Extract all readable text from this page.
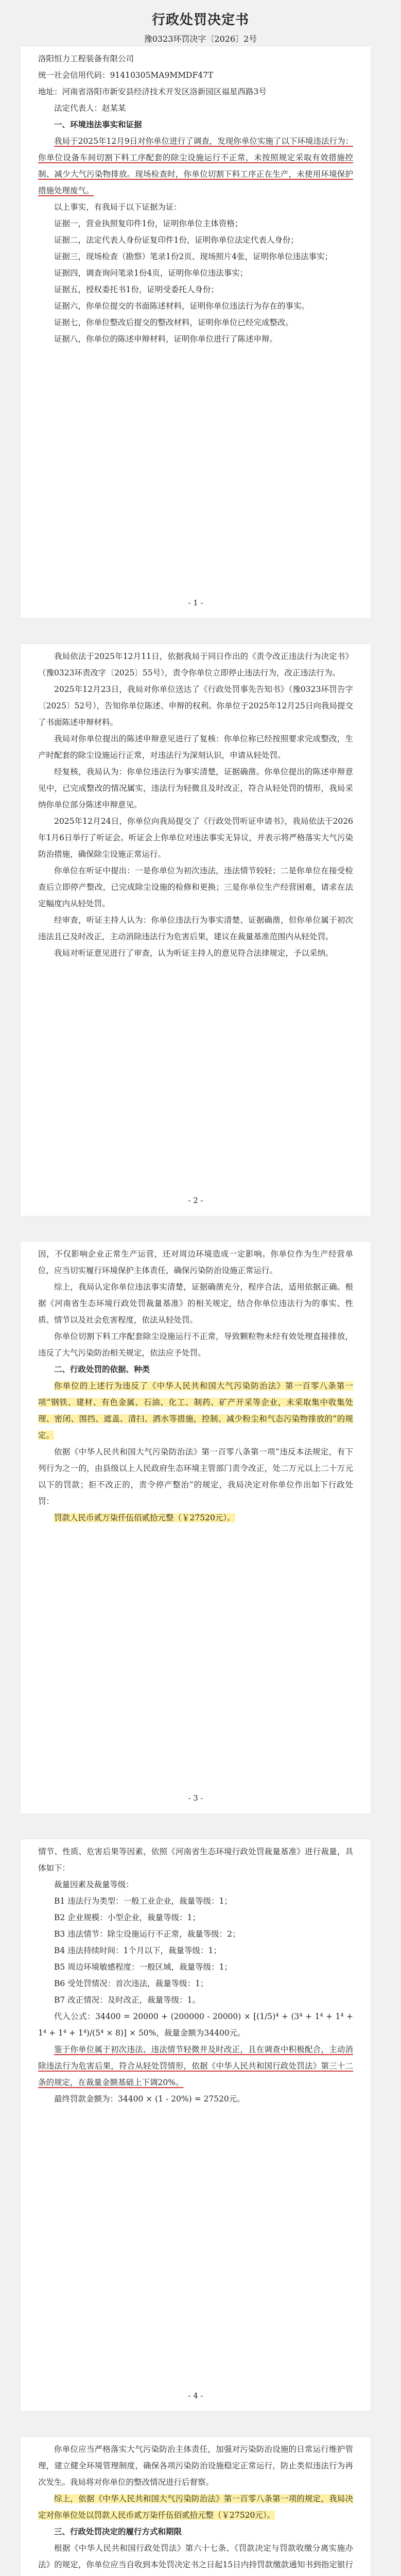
行政处罚决定书
豫0323环罚决字〔2026〕2号

洛阳恒力工程装备有限公司

统一社会信用代码：91410305MA9MMDF47T

地址：河南省洛阳市新安县经济技术开发区洛新园区福星西路3号

法定代表人：赵某某

一、环境违法事实和证据

我局于2025年12月9日对你单位进行了调查，发现你单位实施了以下环境违法行为：你单位设备车间切割下料工序配套的除尘设施运行不正常，未按照规定采取有效措施控制、减少大气污染物排放。现场检查时，你单位切割下料工序正在生产，未使用环境保护措施处理废气。

以上事实，有我局于以下证据为证：

证据一，营业执照复印件1份，证明你单位主体资格；

证据二，法定代表人身份证复印件1份，证明你单位法定代表人身份；

证据三，现场检查（勘察）笔录1份2页、现场照片4张，证明你单位违法事实；

证据四，调查询问笔录1份4页，证明你单位违法事实；

证据五，授权委托书1份，证明受委托人身份；

证据六，你单位提交的书面陈述材料，证明你单位违法行为存在的事实。

证据七，你单位整改后提交的整改材料，证明你单位已经完成整改。

证据八，你单位的陈述申辩材料，证明你单位进行了陈述申辩。

- 1 -

我局依法于2025年12月11日，依据我局于同日作出的《责令改正违法行为决定书》（豫0323环责改字〔2025〕55号），责令你单位立即停止违法行为，改正违法行为。

2025年12月23日，我局对你单位送达了《行政处罚事先告知书》（豫0323环罚告字〔2025〕52号），告知你单位陈述、申辩的权利。你单位于2025年12月25日向我局提交了书面陈述申辩材料。

我局对你单位提出的陈述申辩意见进行了复核：你单位称已经按照要求完成整改，生产时配套的除尘设施运行正常，对违法行为深刻认识，申请从轻处罚。

经复核，我局认为：你单位违法行为事实清楚，证据确凿。你单位提出的陈述申辩意见中，已完成整改的情况属实，违法行为轻微且及时改正，符合从轻处罚的情形，我局采纳你单位部分陈述申辩意见。

2025年12月24日，你单位向我局提交了《行政处罚听证申请书》，我局依法于2026年1月6日举行了听证会。听证会上你单位对违法事实无异议，并表示将严格落实大气污染防治措施，确保除尘设施正常运行。

你单位在听证中提出：一是你单位为初次违法，违法情节较轻；二是你单位在接受检查后立即停产整改，已完成除尘设施的检修和更换；三是你单位生产经营困难，请求在法定幅度内从轻处罚。

经审查，听证主持人认为：你单位违法行为事实清楚、证据确凿，但你单位属于初次违法且已及时改正，主动消除违法行为危害后果，建议在裁量基准范围内从轻处罚。

我局对听证意见进行了审查，认为听证主持人的意见符合法律规定，予以采纳。

- 2 -

因，不仅影响企业正常生产运营，还对周边环境造成一定影响。你单位作为生产经营单位，应当切实履行环境保护主体责任，确保污染防治设施正常运行。

综上，我局认定你单位违法事实清楚，证据确凿充分，程序合法，适用依据正确。根据《河南省生态环境行政处罚裁量基准》的相关规定，结合你单位违法行为的事实、性质、情节以及社会危害程度，依法从轻处罚。

你单位切割下料工序配套除尘设施运行不正常，导致颗粒物未经有效处理直接排放，违反了大气污染防治相关规定，依法应予处罚。

二、行政处罚的依据、种类

你单位的上述行为违反了《中华人民共和国大气污染防治法》第一百零八条第一项“钢铁、建材、有色金属、石油、化工、制药、矿产开采等企业，未采取集中收集处理、密闭、围挡、遮盖、清扫、洒水等措施，控制、减少粉尘和气态污染物排放的”的规定。

依据《中华人民共和国大气污染防治法》第一百零八条第一项“违反本法规定，有下列行为之一的，由县级以上人民政府生态环境主管部门责令改正，处二万元以上二十万元以下的罚款；拒不改正的，责令停产整治”的规定，我局决定对你单位作出如下行政处罚：

罚款人民币贰万柒仟伍佰贰拾元整（￥27520元）。

- 3 -

情节、性质、危害后果等因素，依照《河南省生态环境行政处罚裁量基准》进行裁量，具体如下：

裁量因素及裁量等级：

B1 违法行为类型：一般工业企业，裁量等级：1；

B2 企业规模：小型企业，裁量等级：1；

B3 违法情节：除尘设施运行不正常，裁量等级：2；

B4 违法持续时间：1个月以下，裁量等级：1；

B5 周边环境敏感程度：一般区域，裁量等级：1；

B6 受处罚情况：首次违法，裁量等级：1；

B7 改正情况：及时改正，裁量等级：1。

代入公式：34400 = 20000 + (200000 - 20000) × [(1/5)⁴ + (3⁴ + 1⁴ + 1⁴ + 1⁴ + 1⁴ + 1⁴)/(5⁴ × 8)] × 50%，裁量金额为34400元。

鉴于你单位属于初次违法、违法情节轻微并及时改正，且在调查中积极配合，主动消除违法行为危害后果，符合从轻处罚情形，依据《中华人民共和国行政处罚法》第三十二条的规定，在裁量金额基础上下调20%。

最终罚款金额为：34400 × (1 - 20%) = 27520元。

- 4 -

你单位应当严格落实大气污染防治主体责任，加强对污染防治设施的日常运行维护管理，建立健全环境管理制度，确保各项污染防治设施稳定正常运行，防止类似违法行为再次发生。我局将对你单位的整改情况进行后督察。

综上，依据《中华人民共和国大气污染防治法》第一百零八条第一项的规定，我局决定对你单位处以罚款人民币贰万柒仟伍佰贰拾元整（￥27520元）。

三、行政处罚决定的履行方式和期限

根据《中华人民共和国行政处罚法》第六十七条、《罚款决定与罚款收缴分离实施办法》的规定，你单位应当自收到本处罚决定书之日起15日内持罚款缴款通知书到指定银行
